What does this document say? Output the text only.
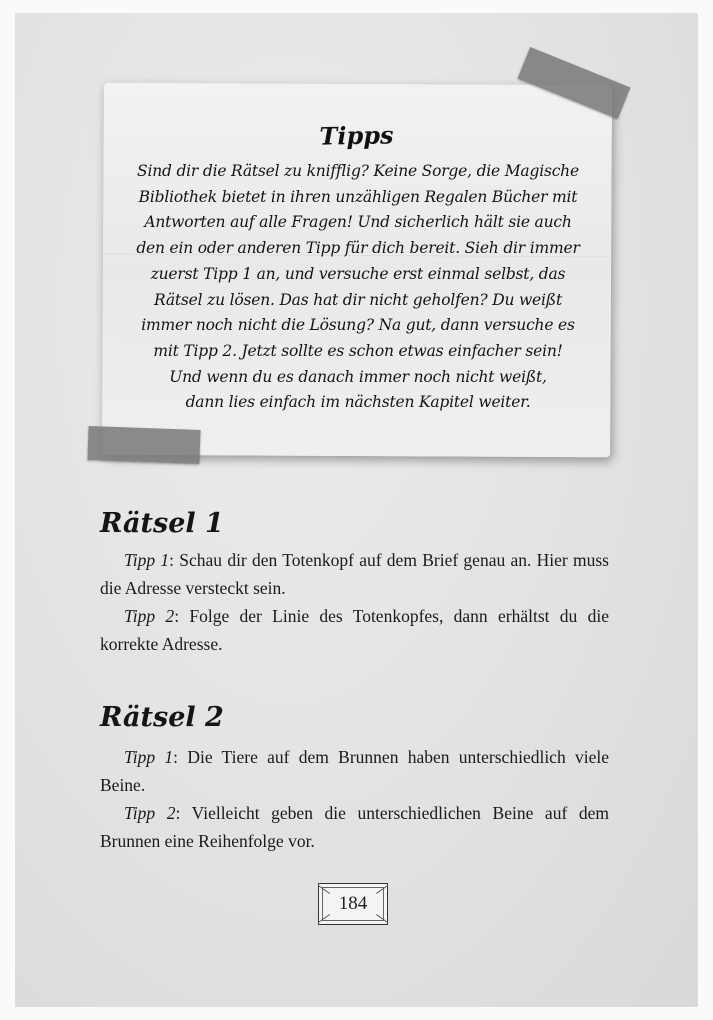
Tipps
Sind dir die Rätsel zu knifflig? Keine Sorge, die Magische
Bibliothek bietet in ihren unzähligen Regalen Bücher mit
Antworten auf alle Fragen! Und sicherlich hält sie auch
den ein oder anderen Tipp für dich bereit. Sieh dir immer
zuerst Tipp 1 an, und versuche erst einmal selbst, das
Rätsel zu lösen. Das hat dir nicht geholfen? Du weißt
immer noch nicht die Lösung? Na gut, dann versuche es
mit Tipp 2. Jetzt sollte es schon etwas einfacher sein!
Und wenn du es danach immer noch nicht weißt,
dann lies einfach im nächsten Kapitel weiter.
Rätsel 1

Tipp 1: Schau dir den Totenkopf auf dem Brief genau an. Hier muss die Adresse versteckt sein.

Tipp 2: Folge der Linie des Totenkopfes, dann erhältst du die korrekte Adresse.

Rätsel 2

Tipp 1: Die Tiere auf dem Brunnen haben unterschiedlich viele Beine.

Tipp 2: Vielleicht geben die unterschiedlichen Beine auf dem Brunnen eine Reihenfolge vor.

184
